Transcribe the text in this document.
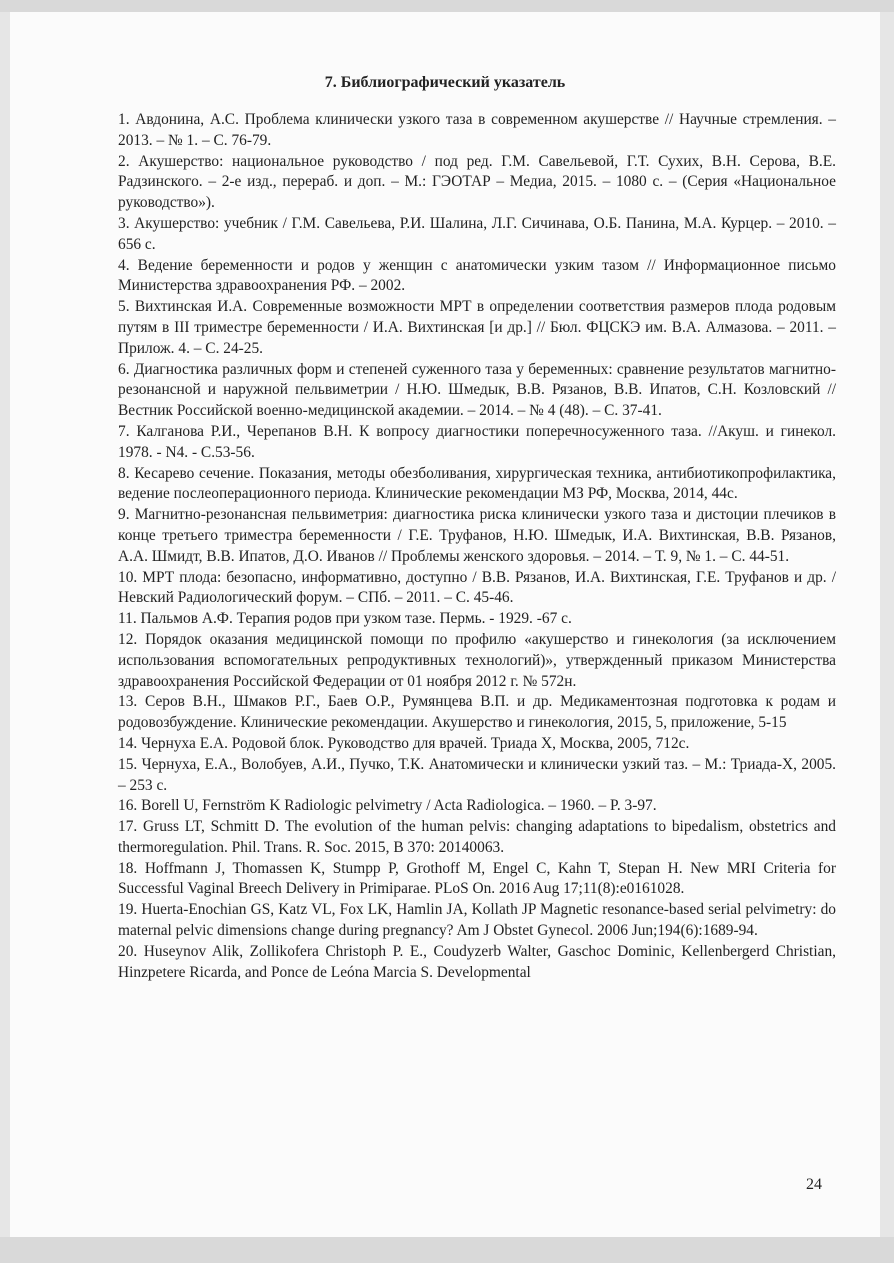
7. Библиографический указатель
1. Авдонина, А.С. Проблема клинически узкого таза в современном акушерстве // Научные стремления. – 2013. – № 1. – С. 76-79.
2. Акушерство: национальное руководство / под ред. Г.М. Савельевой, Г.Т. Сухих, В.Н. Серова, В.Е. Радзинского. – 2-е изд., перераб. и доп. – М.: ГЭОТАР – Медиа, 2015. – 1080 с. – (Серия «Национальное руководство»).
3. Акушерство: учебник / Г.М. Савельева, Р.И. Шалина, Л.Г. Сичинава, О.Б. Панина, М.А. Курцер. – 2010. – 656 с.
4. Ведение беременности и родов у женщин с анатомически узким тазом // Информационное письмо Министерства здравоохранения РФ. – 2002.
5. Вихтинская И.А. Современные возможности МРТ в определении соответствия размеров плода родовым путям в III триместре беременности / И.А. Вихтинская [и др.] // Бюл. ФЦСКЭ им. В.А. Алмазова. – 2011. – Прилож. 4. – С. 24-25.
6. Диагностика различных форм и степеней суженного таза у беременных: сравнение результатов магнитно-резонансной и наружной пельвиметрии / Н.Ю. Шмедык, В.В. Рязанов, В.В. Ипатов, С.Н. Козловский // Вестник Российской военно-медицинской академии. – 2014. – № 4 (48). – С. 37-41.
7. Калганова Р.И., Черепанов В.Н. К вопросу диагностики поперечносуженного таза. //Акуш. и гинекол. 1978. - N4. - С.53-56.
8. Кесарево сечение. Показания, методы обезболивания, хирургическая техника, антибиотикопрофилактика, ведение послеоперационного периода. Клинические рекомендации МЗ РФ, Москва, 2014, 44с.
9. Магнитно-резонансная пельвиметрия: диагностика риска клинически узкого таза и дистоции плечиков в конце третьего триместра беременности / Г.Е. Труфанов, Н.Ю. Шмедык, И.А. Вихтинская, В.В. Рязанов, А.А. Шмидт, В.В. Ипатов, Д.О. Иванов // Проблемы женского здоровья. – 2014. – Т. 9, № 1. – С. 44-51.
10. МРТ плода: безопасно, информативно, доступно / В.В. Рязанов, И.А. Вихтинская, Г.Е. Труфанов и др. / Невский Радиологический форум. – СПб. – 2011. – С. 45-46.
11. Пальмов А.Ф. Терапия родов при узком тазе. Пермь. - 1929. -67 с.
12. Порядок оказания медицинской помощи по профилю «акушерство и гинекология (за исключением использования вспомогательных репродуктивных технологий)», утвержденный приказом Министерства здравоохранения Российской Федерации от 01 ноября 2012 г. № 572н.
13. Серов В.Н., Шмаков Р.Г., Баев О.Р., Румянцева В.П. и др. Медикаментозная подготовка к родам и родовозбуждение. Клинические рекомендации. Акушерство и гинекология, 2015, 5, приложение, 5-15
14. Чернуха Е.А. Родовой блок. Руководство для врачей. Триада Х, Москва, 2005, 712с.
15. Чернуха, Е.А., Волобуев, А.И., Пучко, Т.К. Анатомически и клинически узкий таз. – М.: Триада-Х, 2005. – 253 с.
16. Borell U, Fernström K Radiologic pelvimetry / Acta Radiologica. – 1960. – P. 3-97.
17. Gruss LT, Schmitt D. The evolution of the human pelvis: changing adaptations to bipedalism, obstetrics and thermoregulation. Phil. Trans. R. Soc. 2015, B 370: 20140063.
18. Hoffmann J, Thomassen K, Stumpp P, Grothoff M, Engel C, Kahn T, Stepan H. New MRI Criteria for Successful Vaginal Breech Delivery in Primiparae. PLoS On. 2016 Aug 17;11(8):e0161028.
19. Huerta-Enochian GS, Katz VL, Fox LK, Hamlin JA, Kollath JP Magnetic resonance-based serial pelvimetry: do maternal pelvic dimensions change during pregnancy? Am J Obstet Gynecol. 2006 Jun;194(6):1689-94.
20. Huseynov Alik, Zollikofera Christoph P. E., Coudyzerb Walter, Gaschoc Dominic, Kellenbergerd Christian, Hinzpetere Ricarda, and Ponce de Leóna Marcia S. Developmental
24
